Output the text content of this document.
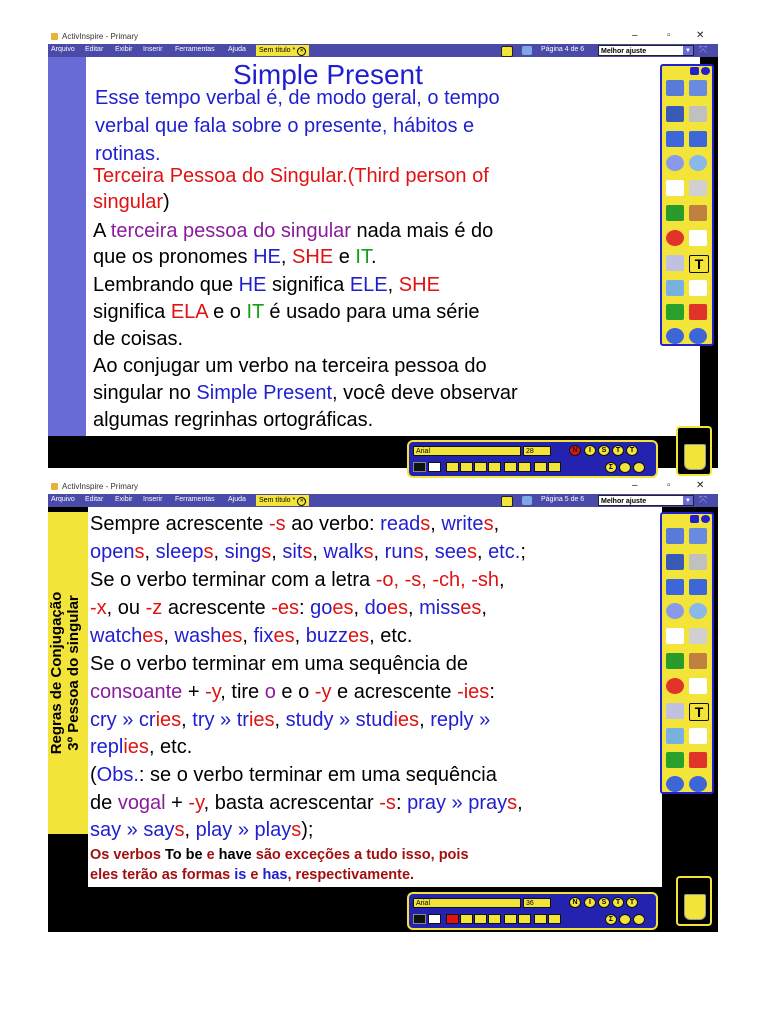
ActivInspire - Primary	–	▫	✕
Arquivo Editar Exibir Inserir Ferramentas Ajuda	Sem título * ✕	Página 4 de 6	Melhor ajuste	▼ ⤧
Simple Present
Esse tempo verbal é, de modo geral, o tempo
verbal que fala sobre o presente, hábitos e
rotinas.
Terceira Pessoa do Singular.(Third person of
singular)
A terceira pessoa do singular nada mais é do
que os pronomes HE, SHE e IT.
Lembrando que HE significa ELE, SHE
significa ELA e o IT é usado para uma série
de coisas.
Ao conjugar um verbo na terceira pessoa do
singular no Simple Present, você deve observar
algumas regrinhas ortográficas.
T
Arial	28	N	I	S	T	T
Σ
ActivInspire - Primary	–	▫	✕
Arquivo Editar Exibir Inserir Ferramentas Ajuda	Sem título * ✕	Página 5 de 6	Melhor ajuste	▼ ⤧
Regras de Conjugação 3º Pessoa do singular
Sempre acrescente -s ao verbo: reads, writes,
opens, sleeps, sings, sits, walks, runs, sees, etc.;
Se o verbo terminar com a letra -o, -s, -ch, -sh,
-x, ou -z acrescente -es: goes, does, misses,
watches, washes, fixes, buzzes, etc.
Se o verbo terminar em uma sequência de
consoante + -y, tire o e o -y e acrescente -ies:
cry » cries, try » tries, study » studies, reply »
replies, etc.
(Obs.: se o verbo terminar em uma sequência
de vogal + -y, basta acrescentar -s: pray » prays,
say » says, play » plays);
Os verbos To be e have são exceções a tudo isso, pois
eles terão as formas is e has, respectivamente.
T
Arial	36	N	I	S	T	T
Σ
